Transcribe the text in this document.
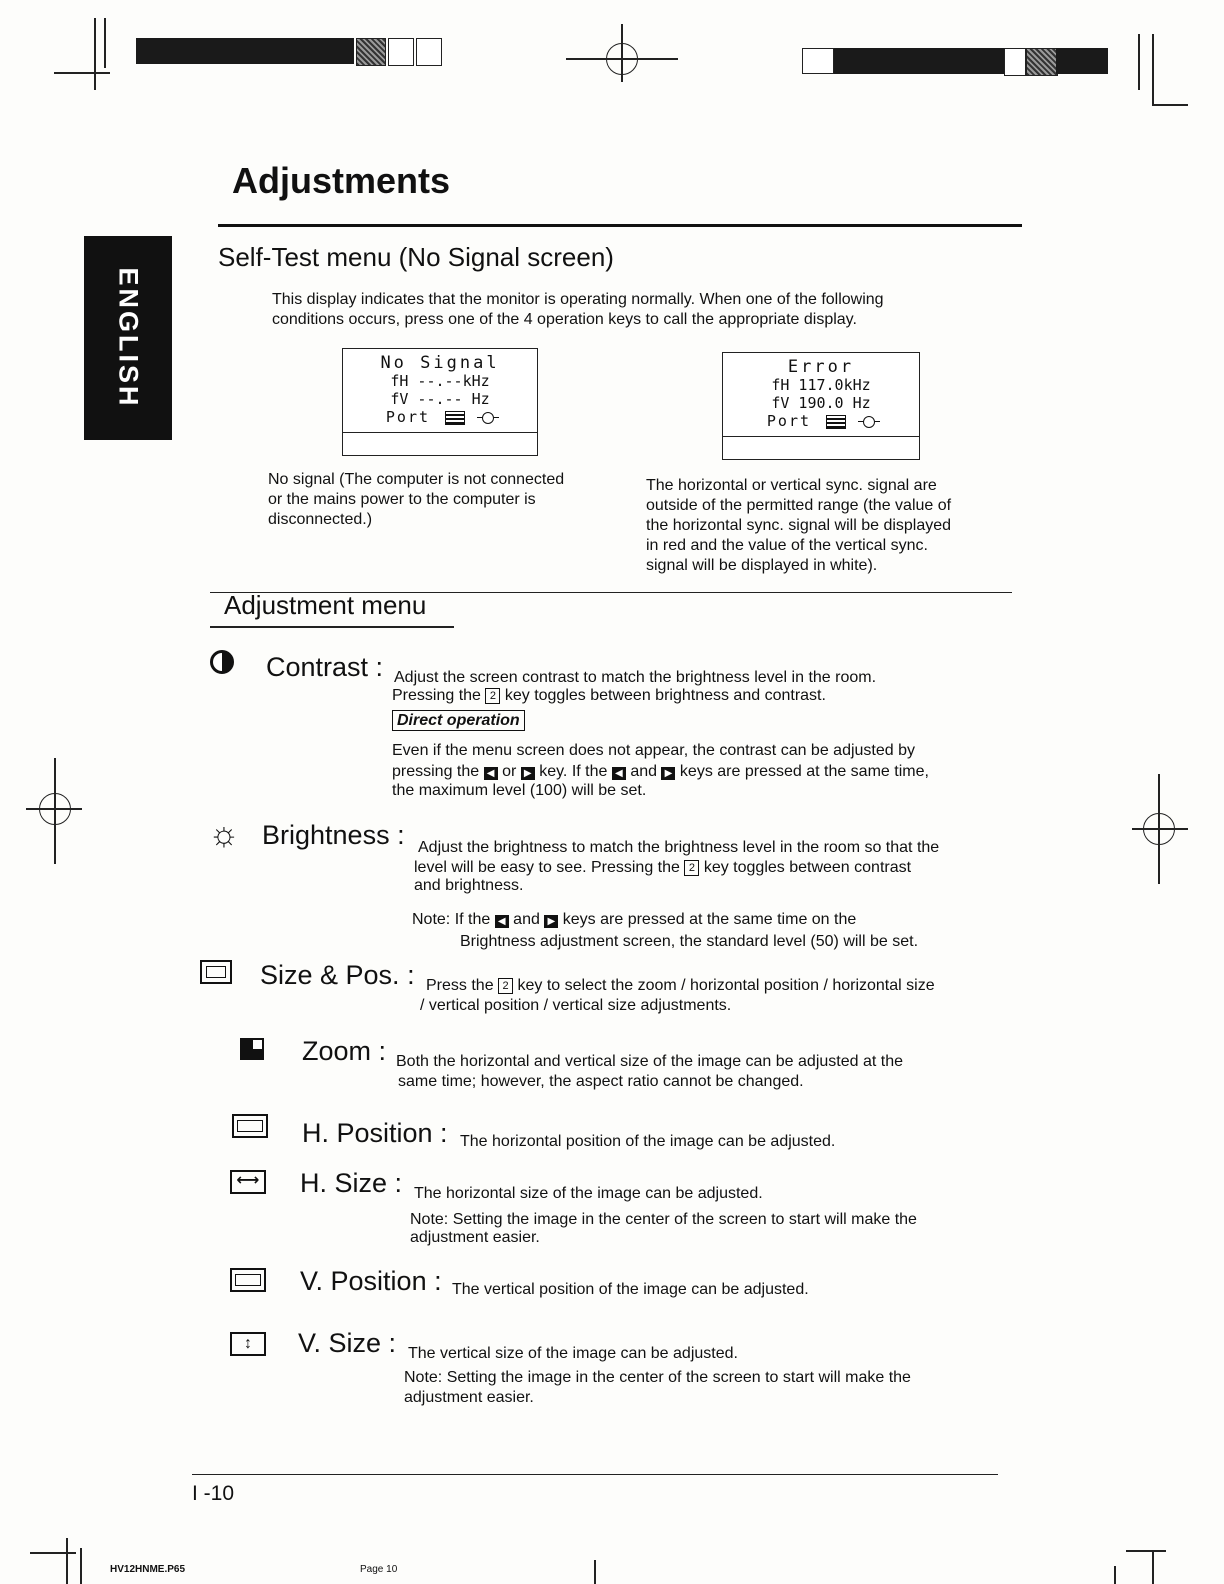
ENGLISH
Adjustments
Self-Test menu (No Signal screen)
This display indicates that the monitor is operating normally. When one of the following
conditions occurs, press one of the 4 operation keys to call the appropriate display.
No Signal
fH --.--kHz
fV --.-- Hz
Port
Error
fH 117.0kHz
fV 190.0 Hz
Port
No signal (The computer is not connected
or the mains power to the computer is
disconnected.)
The horizontal or vertical sync. signal are
outside of the permitted range (the value of
the horizontal sync. signal will be displayed
in red and the value of the vertical sync.
signal will be displayed in white).
Adjustment menu
Contrast : Adjust the screen contrast to match the brightness level in the room.
Pressing the 2 key toggles between brightness and contrast.
Direct operation
Even if the menu screen does not appear, the contrast can be adjusted by
pressing the ◀ or ▶ key. If the ◀ and ▶ keys are pressed at the same time,
the maximum level (100) will be set.
☼ Brightness : Adjust the brightness to match the brightness level in the room so that the
level will be easy to see. Pressing the 2 key toggles between contrast
and brightness.
Note: If the ◀ and ▶ keys are pressed at the same time on the
Brightness adjustment screen, the standard level (50) will be set.
Size & Pos. : Press the 2 key to select the zoom / horizontal position / horizontal size
/ vertical position / vertical size adjustments.
Zoom : Both the horizontal and vertical size of the image can be adjusted at the
same time; however, the aspect ratio cannot be changed.
H. Position : The horizontal position of the image can be adjusted.
⟷ H. Size : The horizontal size of the image can be adjusted.
Note: Setting the image in the center of the screen to start will make the
adjustment easier.
V. Position : The vertical position of the image can be adjusted.
↕	V. Size : The vertical size of the image can be adjusted.
Note: Setting the image in the center of the screen to start will make the
adjustment easier.
I -10
HV12HNME.P65	Page 10
